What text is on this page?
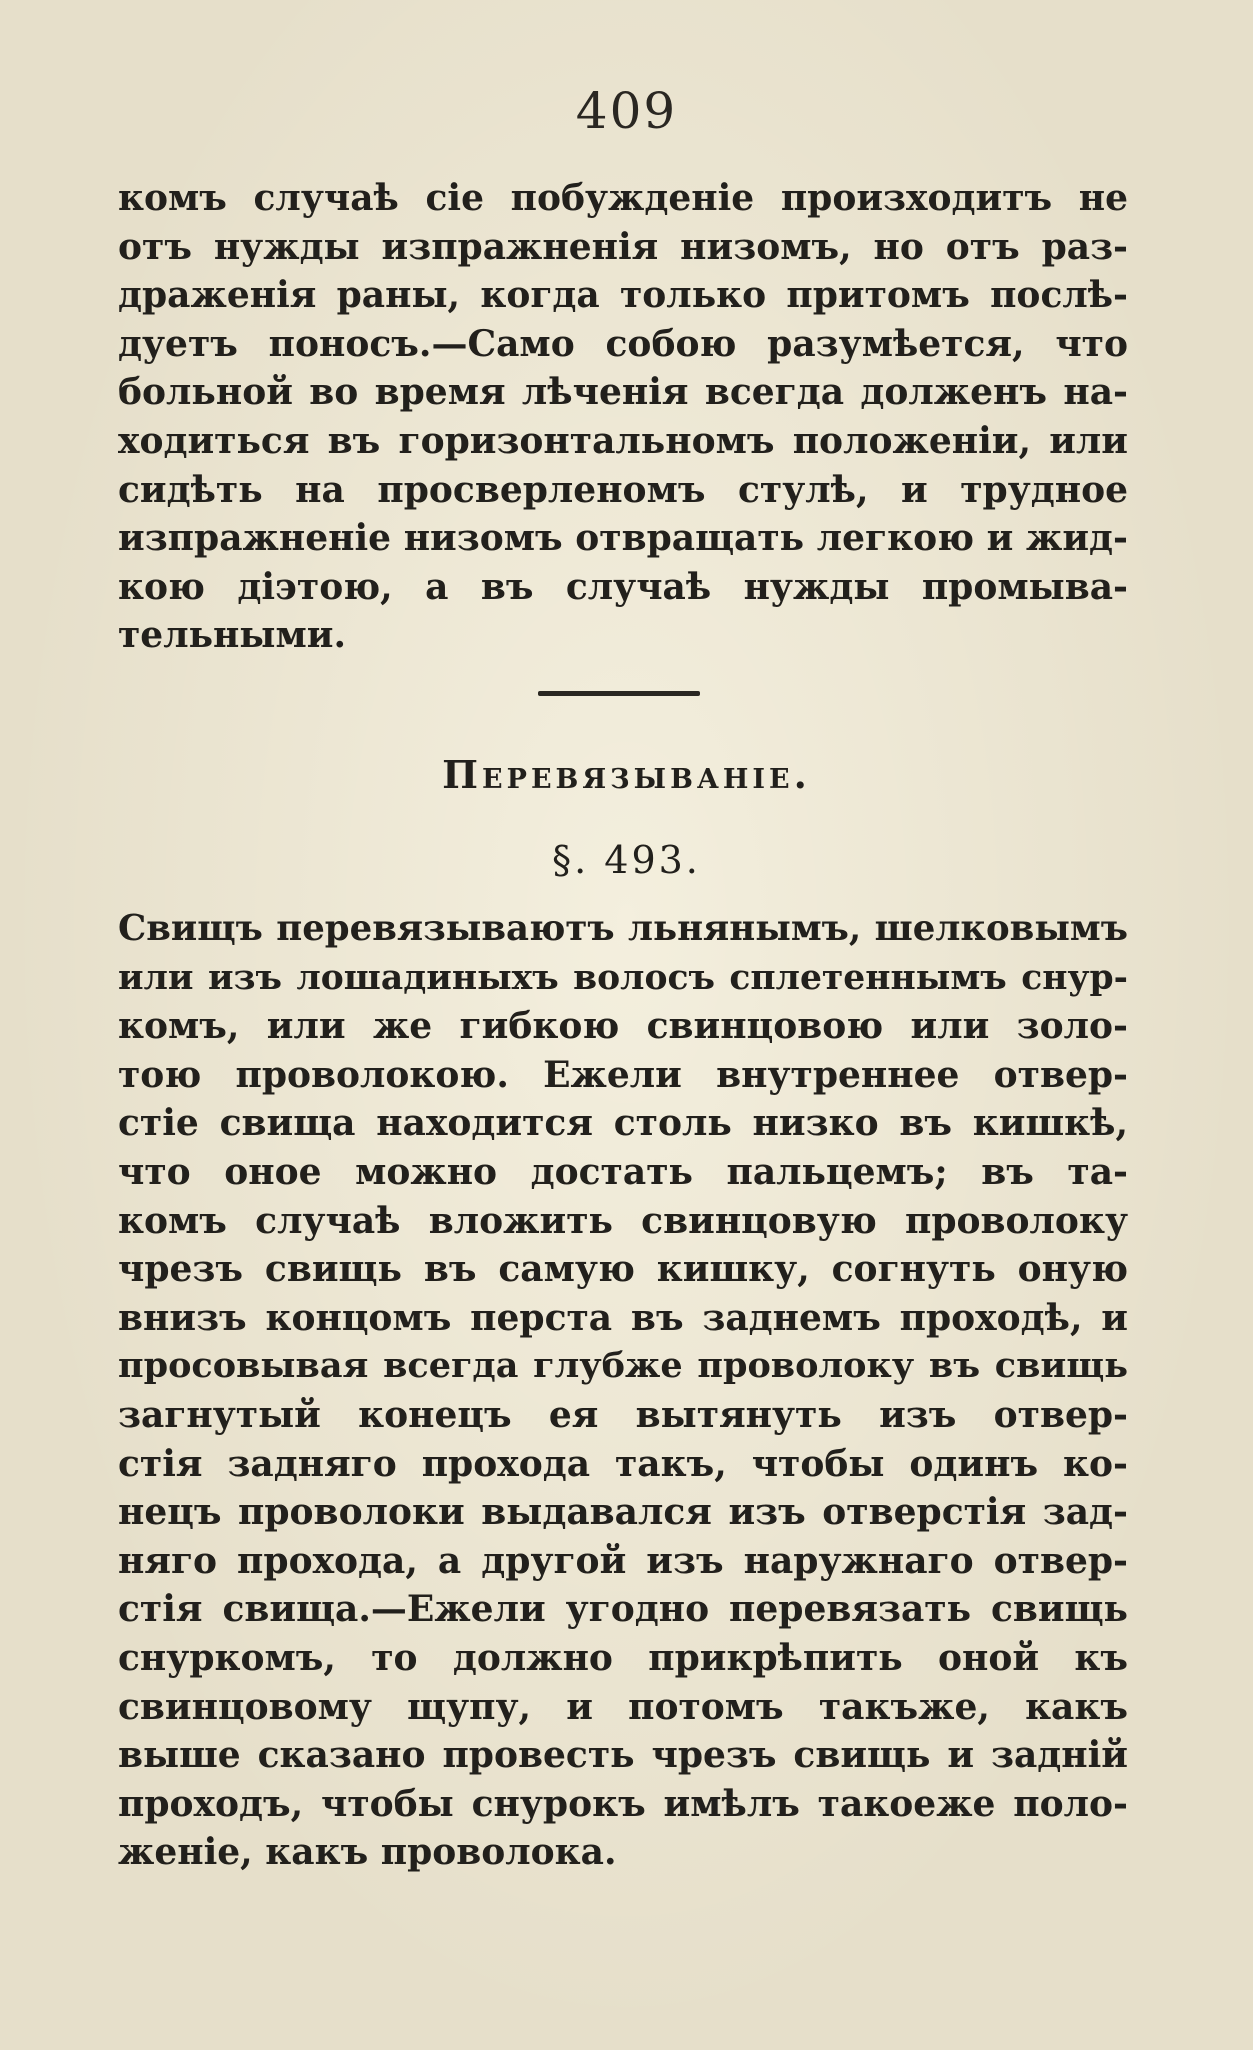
409
комъ случаѣ сіе побужденіе произходитъ не
отъ нужды изпражненія низомъ, но отъ раз-
драженія раны, когда только притомъ послѣ-
дуетъ поносъ.—Само собою разумѣется, что
больной во время лѣченія всегда долженъ на-
ходиться въ горизонтальномъ положеніи, или
сидѣть на просверленомъ стулѣ, и трудное
изпражненіе низомъ отвращать легкою и жид-
кою діэтою, а въ случаѣ нужды промыва-
тельными.
Перевязываніе.
§. 493.
Свищъ перевязываютъ льнянымъ, шелковымъ
или изъ лошадиныхъ волосъ сплетеннымъ снур-
комъ, или же гибкою свинцовою или золо-
тою проволокою. Ежели внутреннее отвер-
стіе свища находится столь низко въ кишкѣ,
что оное можно достать пальцемъ; въ та-
комъ случаѣ вложить свинцовую проволоку
чрезъ свищь въ самую кишку, согнуть оную
внизъ концомъ перста въ заднемъ проходѣ, и
просовывая всегда глубже проволоку въ свищь
загнутый конецъ ея вытянуть изъ отвер-
стія задняго прохода такъ, чтобы одинъ ко-
нецъ проволоки выдавался изъ отверстія зад-
няго прохода, а другой изъ наружнаго отвер-
стія свища.—Ежели угодно перевязать свищь
снуркомъ, то должно прикрѣпить оной къ
свинцовому щупу, и потомъ такъже, какъ
выше сказано провесть чрезъ свищь и задній
проходъ, чтобы снурокъ имѣлъ такоеже поло-
женіе, какъ проволока.
